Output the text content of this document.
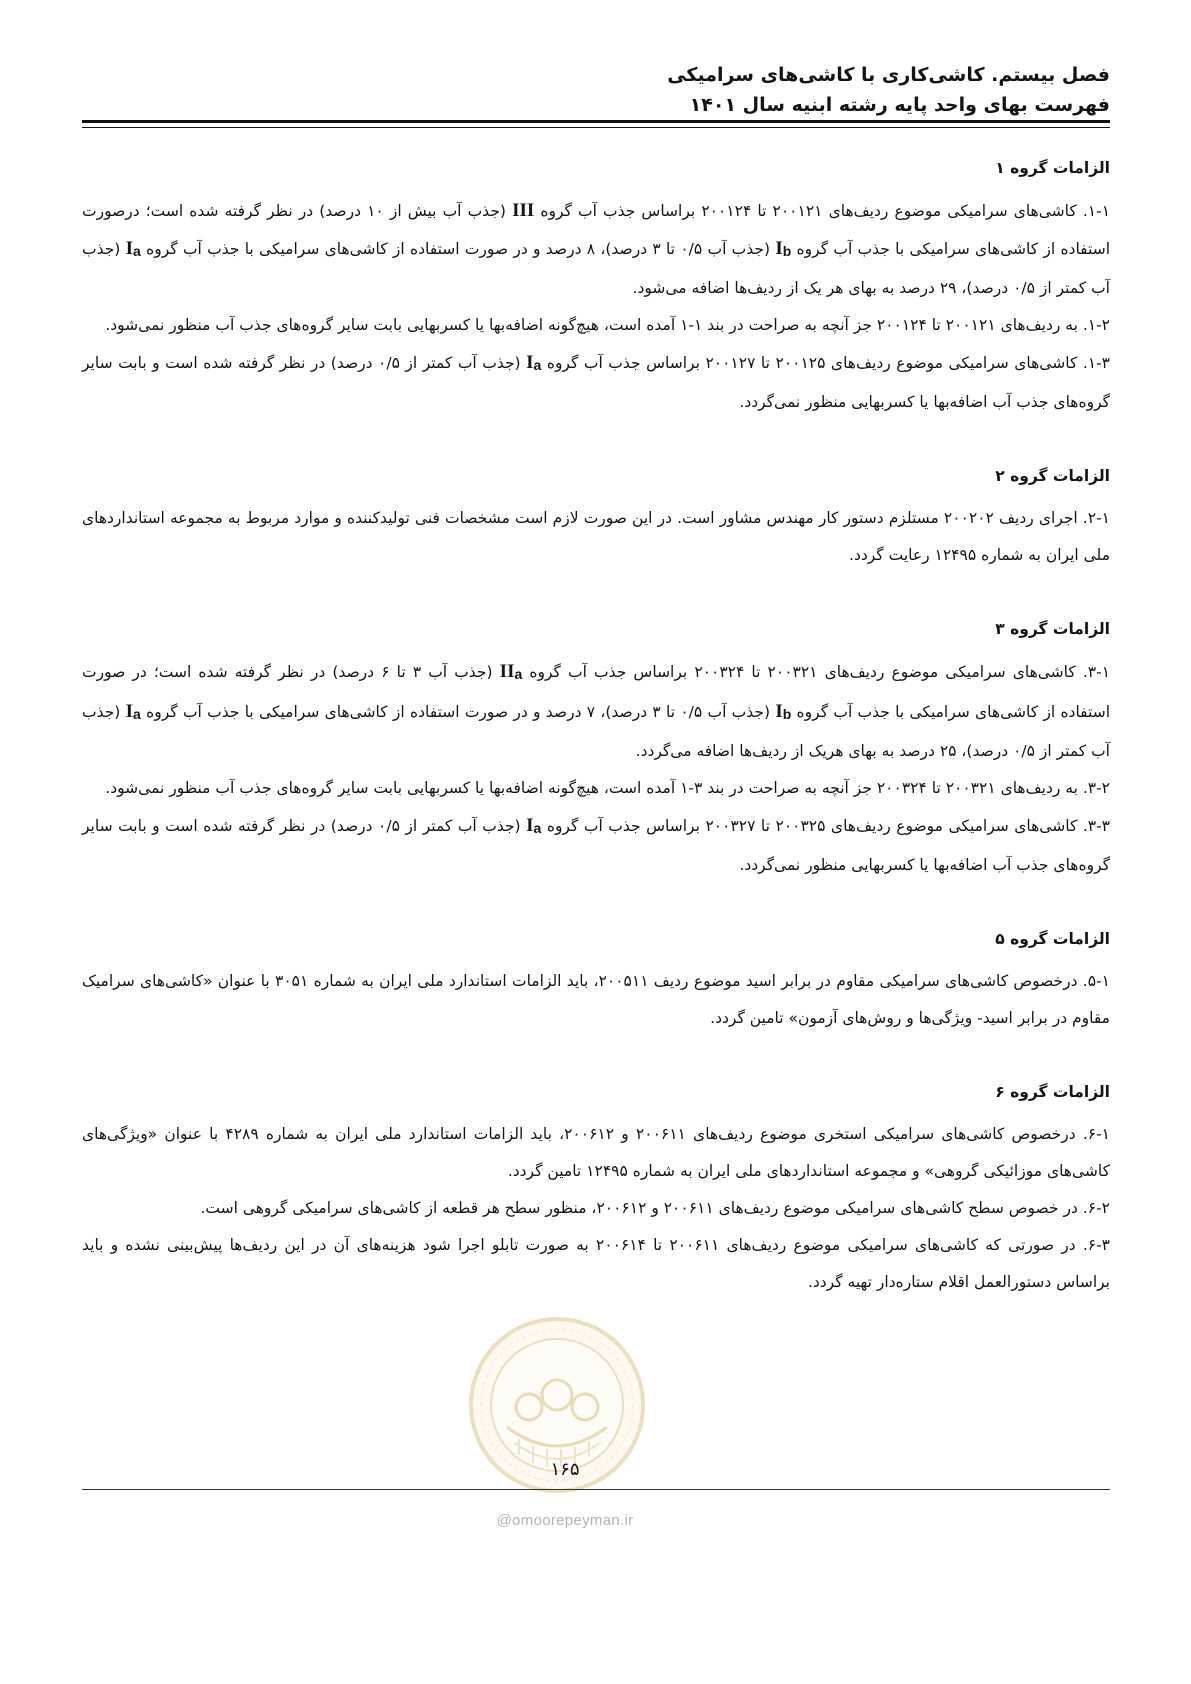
فصل بیستم. کاشی‌کاری با کاشی‌های سرامیکی
فهرست بهای واحد پایه رشته ابنیه سال ۱۴۰۱
الزامات گروه ۱

۱-۱. کاشی‌های سرامیکی موضوع ردیف‌های ۲۰۰۱۲۱ تا ۲۰۰۱۲۴ براساس جذب آب گروه III (جذب آب بیش از ۱۰ درصد) در نظر گرفته شده است؛ درصورت استفاده از کاشی‌های سرامیکی با جذب آب گروه Ib (جذب آب ۰/۵ تا ۳ درصد)، ۸ درصد و در صورت استفاده از کاشی‌های سرامیکی با جذب آب گروه Ia (جذب آب کمتر از ۰/۵ درصد)، ۲۹ درصد به بهای هر یک از ردیف‌ها اضافه می‌شود.

۱-۲. به ردیف‌های ۲۰۰۱۲۱ تا ۲۰۰۱۲۴ جز آنچه به صراحت در بند ۱-۱ آمده است، هیچ‌گونه اضافه‌بها یا کسربهایی بابت سایر گروه‌های جذب آب منظور نمی‌شود.

۱-۳. کاشی‌های سرامیکی موضوع ردیف‌های ۲۰۰۱۲۵ تا ۲۰۰۱۲۷ براساس جذب آب گروه Ia (جذب آب کمتر از ۰/۵ درصد) در نظر گرفته شده است و بابت سایر گروه‌های جذب آب اضافه‌بها یا کسربهایی منظور نمی‌گردد.

الزامات گروه ۲

۲-۱. اجرای ردیف ۲۰۰۲۰۲ مستلزم دستور کار مهندس مشاور است. در این صورت لازم است مشخصات فنی تولیدکننده و موارد مربوط به مجموعه استانداردهای ملی ایران به شماره ۱۲۴۹۵ رعایت گردد.

الزامات گروه ۳

۳-۱. کاشی‌های سرامیکی موضوع ردیف‌های ۲۰۰۳۲۱ تا ۲۰۰۳۲۴ براساس جذب آب گروه IIa (جذب آب ۳ تا ۶ درصد) در نظر گرفته شده است؛ در صورت استفاده از کاشی‌های سرامیکی با جذب آب گروه Ib (جذب آب ۰/۵ تا ۳ درصد)، ۷ درصد و در صورت استفاده از کاشی‌های سرامیکی با جذب آب گروه Ia (جذب آب کمتر از ۰/۵ درصد)، ۲۵ درصد به بهای هریک از ردیف‌ها اضافه می‌گردد.

۳-۲. به ردیف‌های ۲۰۰۳۲۱ تا ۲۰۰۳۲۴ جز آنچه به صراحت در بند ۳-۱ آمده است، هیچ‌گونه اضافه‌بها یا کسربهایی بابت سایر گروه‌های جذب آب منظور نمی‌شود.

۳-۳. کاشی‌های سرامیکی موضوع ردیف‌های ۲۰۰۳۲۵ تا ۲۰۰۳۲۷ براساس جذب آب گروه Ia (جذب آب کمتر از ۰/۵ درصد) در نظر گرفته شده است و بابت سایر گروه‌های جذب آب اضافه‌بها یا کسربهایی منظور نمی‌گردد.

الزامات گروه ۵

۵-۱. درخصوص کاشی‌های سرامیکی مقاوم در برابر اسید موضوع ردیف ۲۰۰۵۱۱، باید الزامات استاندارد ملی ایران به شماره ۳۰۵۱ با عنوان «کاشی‌های سرامیک مقاوم در برابر اسید- ویژگی‌ها و روش‌های آزمون» تامین گردد.

الزامات گروه ۶

۶-۱. درخصوص کاشی‌های سرامیکی استخری موضوع ردیف‌های ۲۰۰۶۱۱ و ۲۰۰۶۱۲، باید الزامات استاندارد ملی ایران به شماره ۴۲۸۹ با عنوان «ویژگی‌های کاشی‌های موزائیکی گروهی» و مجموعه استانداردهای ملی ایران به شماره ۱۲۴۹۵ تامین گردد.

۶-۲. در خصوص سطح کاشی‌های سرامیکی موضوع ردیف‌های ۲۰۰۶۱۱ و ۲۰۰۶۱۲، منظور سطح هر قطعه از کاشی‌های سرامیکی گروهی است.

۶-۳. در صورتی که کاشی‌های سرامیکی موضوع ردیف‌های ۲۰۰۶۱۱ تا ۲۰۰۶۱۴ به صورت تابلو اجرا شود هزینه‌های آن در این ردیف‌ها پیش‌بینی نشده و باید براساس دستورالعمل اقلام ستاره‌دار تهیه گردد.

۱۶۵
@omoorepeyman.ir
